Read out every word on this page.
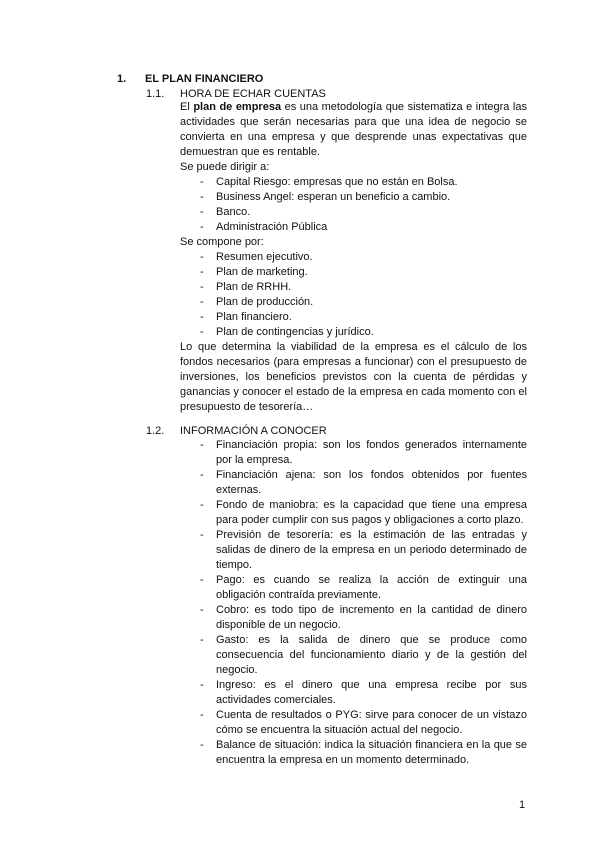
1. EL PLAN FINANCIERO
1.1. HORA DE ECHAR CUENTAS

El plan de empresa es una metodología que sistematiza e integra las actividades que serán necesarias para que una idea de negocio se convierta en una empresa y que desprende unas expectativas que demuestran que es rentable.

Se puede dirigir a:
- Capital Riesgo: empresas que no están en Bolsa.
- Business Angel: esperan un beneficio a cambio.
- Banco.
- Administración Pública
Se compone por:
- Resumen ejecutivo.
- Plan de marketing.
- Plan de RRHH.
- Plan de producción.
- Plan financiero.
- Plan de contingencias y jurídico.

Lo que determina la viabilidad de la empresa es el cálculo de los fondos necesarios (para empresas a funcionar) con el presupuesto de inversiones, los beneficios previstos con la cuenta de pérdidas y ganancias y conocer el estado de la empresa en cada momento con el presupuesto de tesorería…

1.2. INFORMACIÓN A CONOCER
- Financiación propia: son los fondos generados internamente por la empresa.
- Financiación ajena: son los fondos obtenidos por fuentes externas.
- Fondo de maniobra: es la capacidad que tiene una empresa para poder cumplir con sus pagos y obligaciones a corto plazo.
- Previsión de tesorería: es la estimación de las entradas y salidas de dinero de la empresa en un periodo determinado de tiempo.
- Pago: es cuando se realiza la acción de extinguir una obligación contraída previamente.
- Cobro: es todo tipo de incremento en la cantidad de dinero disponible de un negocio.
- Gasto: es la salida de dinero que se produce como consecuencia del funcionamiento diario y de la gestión del negocio.
- Ingreso: es el dinero que una empresa recibe por sus actividades comerciales.
- Cuenta de resultados o PYG: sirve para conocer de un vistazo cómo se encuentra la situación actual del negocio.
- Balance de situación: indica la situación financiera en la que se encuentra la empresa en un momento determinado.
1
